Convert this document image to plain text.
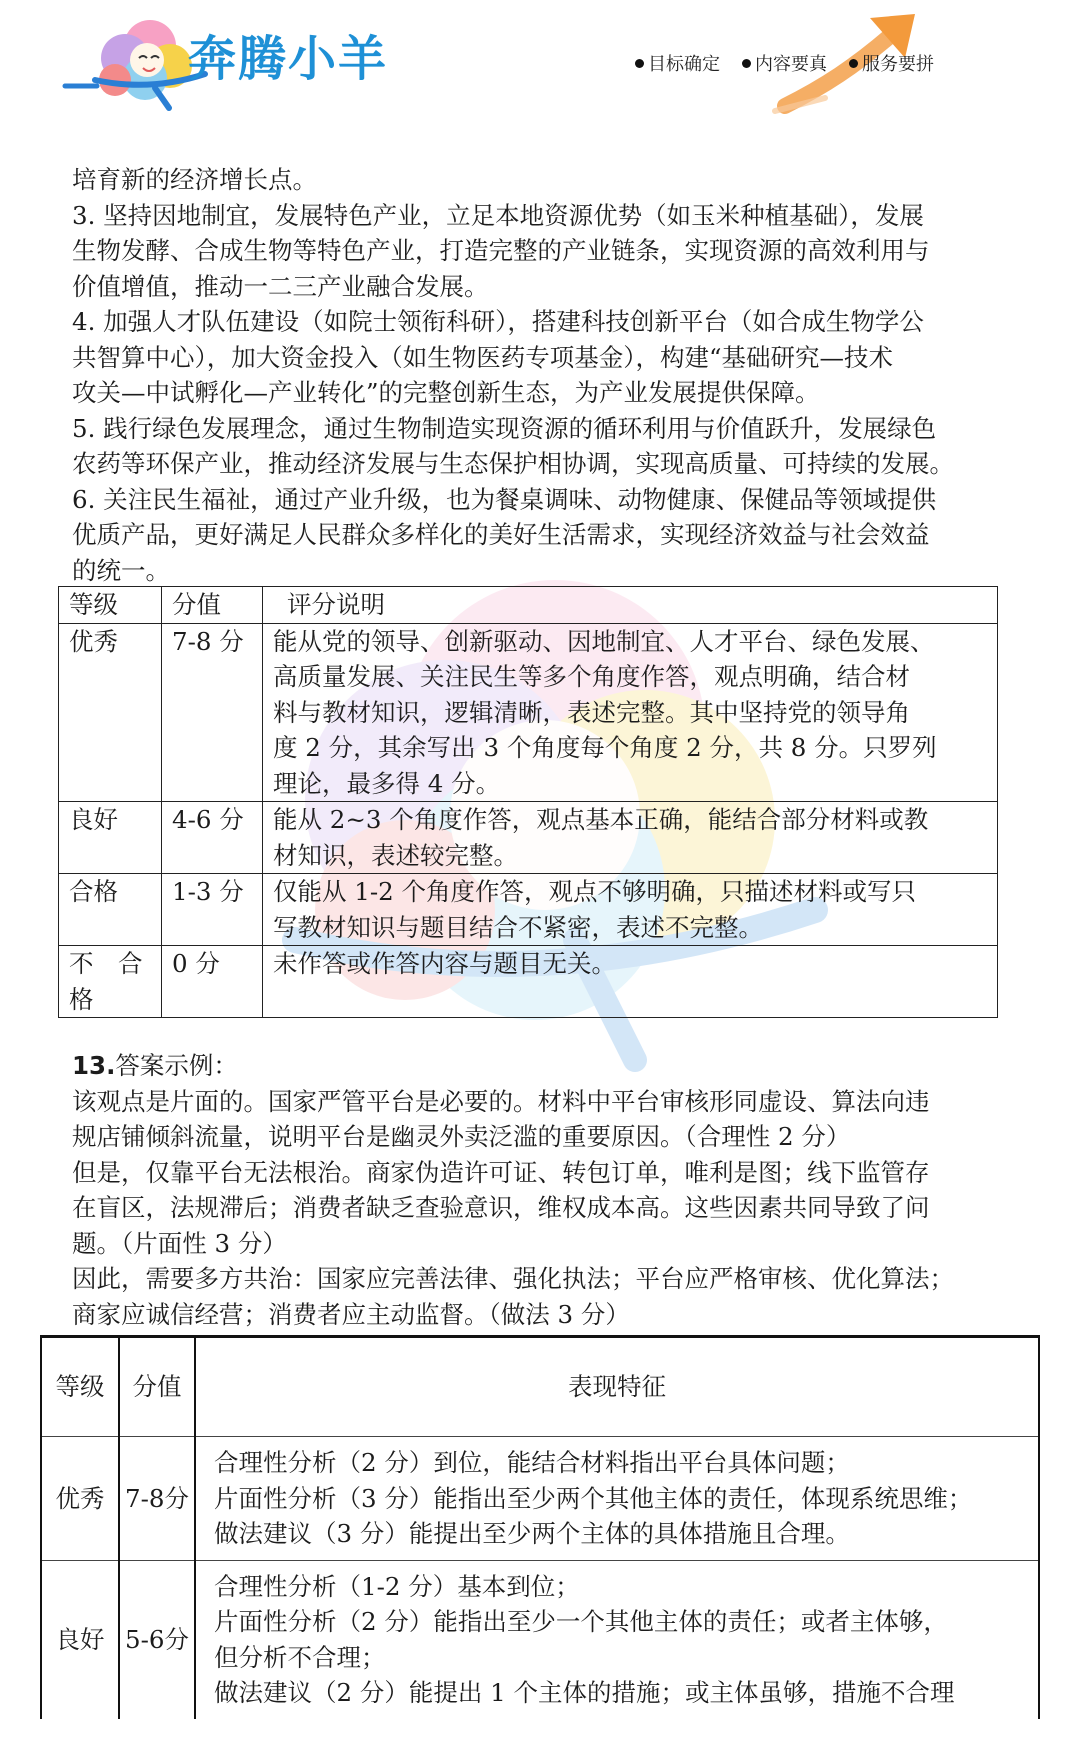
奔腾小羊	目标确定	内容要真	服务要拼

培育新的经济增长点。

3. 坚持因地制宜，发展特色产业，立足本地资源优势（如玉米种植基础），发展

生物发酵、合成生物等特色产业，打造完整的产业链条，实现资源的高效利用与

价值增值，推动一二三产业融合发展。

4. 加强人才队伍建设（如院士领衔科研），搭建科技创新平台（如合成生物学公

共智算中心），加大资金投入（如生物医药专项基金），构建“基础研究—技术

攻关—中试孵化—产业转化”的完整创新生态，为产业发展提供保障。

5. 践行绿色发展理念，通过生物制造实现资源的循环利用与价值跃升，发展绿色

农药等环保产业，推动经济发展与生态保护相协调，实现高质量、可持续的发展。

6. 关注民生福祉，通过产业升级，也为餐桌调味、动物健康、保健品等领域提供

优质产品，更好满足人民群众多样化的美好生活需求，实现经济效益与社会效益

的统一。

等级	分值	评分说明
优秀	7-8 分	能从党的领导、创新驱动、因地制宜、人才平台、绿色发展、
高质量发展、关注民生等多个角度作答，观点明确，结合材
料与教材知识，逻辑清晰，表述完整。其中坚持党的领导角
度 2 分，其余写出 3 个角度每个角度 2 分，共 8 分。只罗列
理论，最多得 4 分。

良好	4-6 分	能从 2~3 个角度作答，观点基本正确，能结合部分材料或教
材知识，表述较完整。

合格	1-3 分	仅能从 1-2 个角度作答，观点不够明确，只描述材料或写只
写教材知识与题目结合不紧密，表述不完整。

不　合格	0 分	未作答或作答内容与题目无关。
13.答案示例：
该观点是片面的。国家严管平台是必要的。材料中平台审核形同虚设、算法向违
规店铺倾斜流量，说明平台是幽灵外卖泛滥的重要原因。（合理性 2 分）
但是，仅靠平台无法根治。商家伪造许可证、转包订单，唯利是图；线下监管存
在盲区，法规滞后；消费者缺乏查验意识，维权成本高。这些因素共同导致了问
题。（片面性 3 分）
因此，需要多方共治：国家应完善法律、强化执法；平台应严格审核、优化算法；
商家应诚信经营；消费者应主动监督。（做法 3 分）
等级	分值	表现特征
优秀	7-8分	合理性分析（2 分）到位，能结合材料指出平台具体问题；
片面性分析（3 分）能指出至少两个其他主体的责任，体现系统思维；
做法建议（3 分）能提出至少两个主体的具体措施且合理。

良好	5-6分	合理性分析（1-2 分）基本到位；
片面性分析（2 分）能指出至少一个其他主体的责任；或者主体够，
但分析不合理；
做法建议（2 分）能提出 1 个主体的措施；或主体虽够，措施不合理
